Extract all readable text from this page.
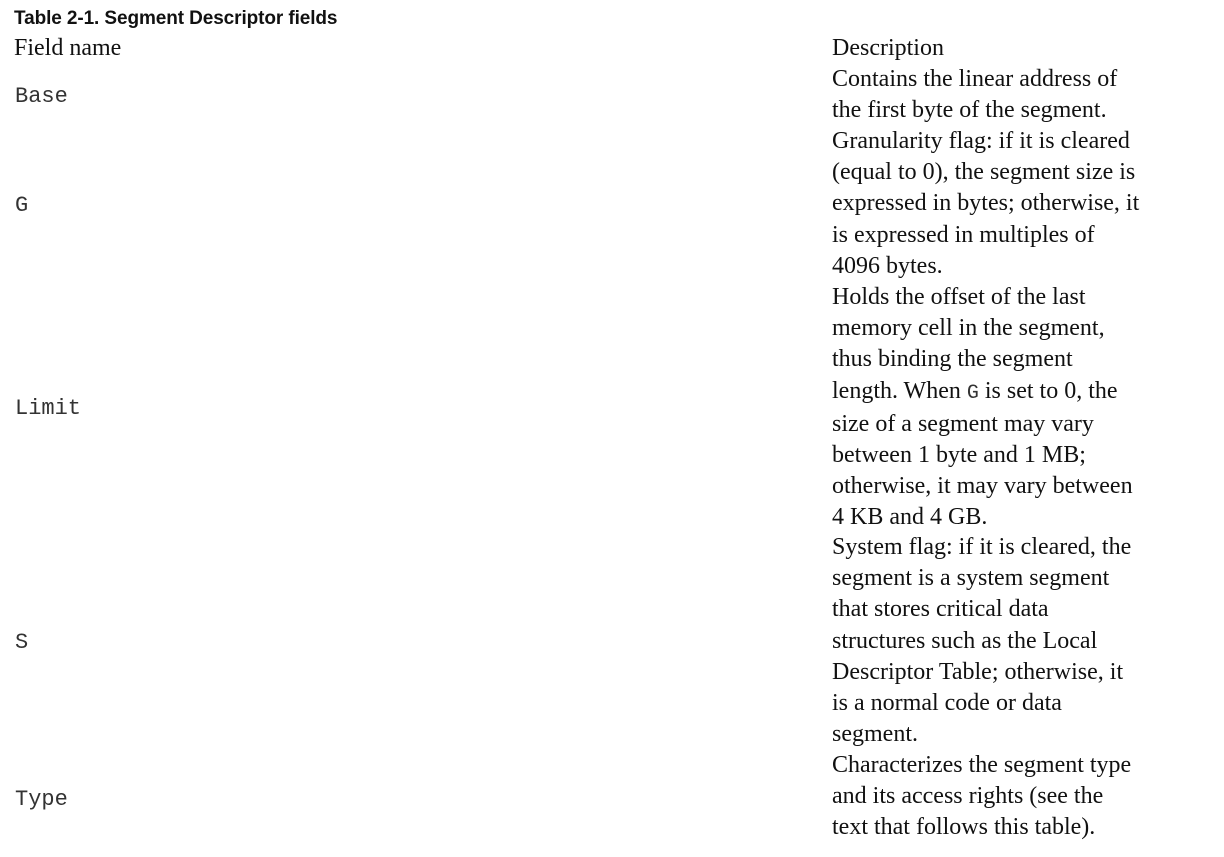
Table 2-1. Segment Descriptor fields
Field name	Description
Base
Contains the linear address of
the first byte of the segment.
G
Granularity flag: if it is cleared
(equal to 0), the segment size is
expressed in bytes; otherwise, it
is expressed in multiples of
4096 bytes.
Limit
Holds the offset of the last
memory cell in the segment,
thus binding the segment
length. When G is set to 0, the
size of a segment may vary
between 1 byte and 1 MB;
otherwise, it may vary between
4 KB and 4 GB.
S
System flag: if it is cleared, the
segment is a system segment
that stores critical data
structures such as the Local
Descriptor Table; otherwise, it
is a normal code or data
segment.
Type
Characterizes the segment type
and its access rights (see the
text that follows this table).
